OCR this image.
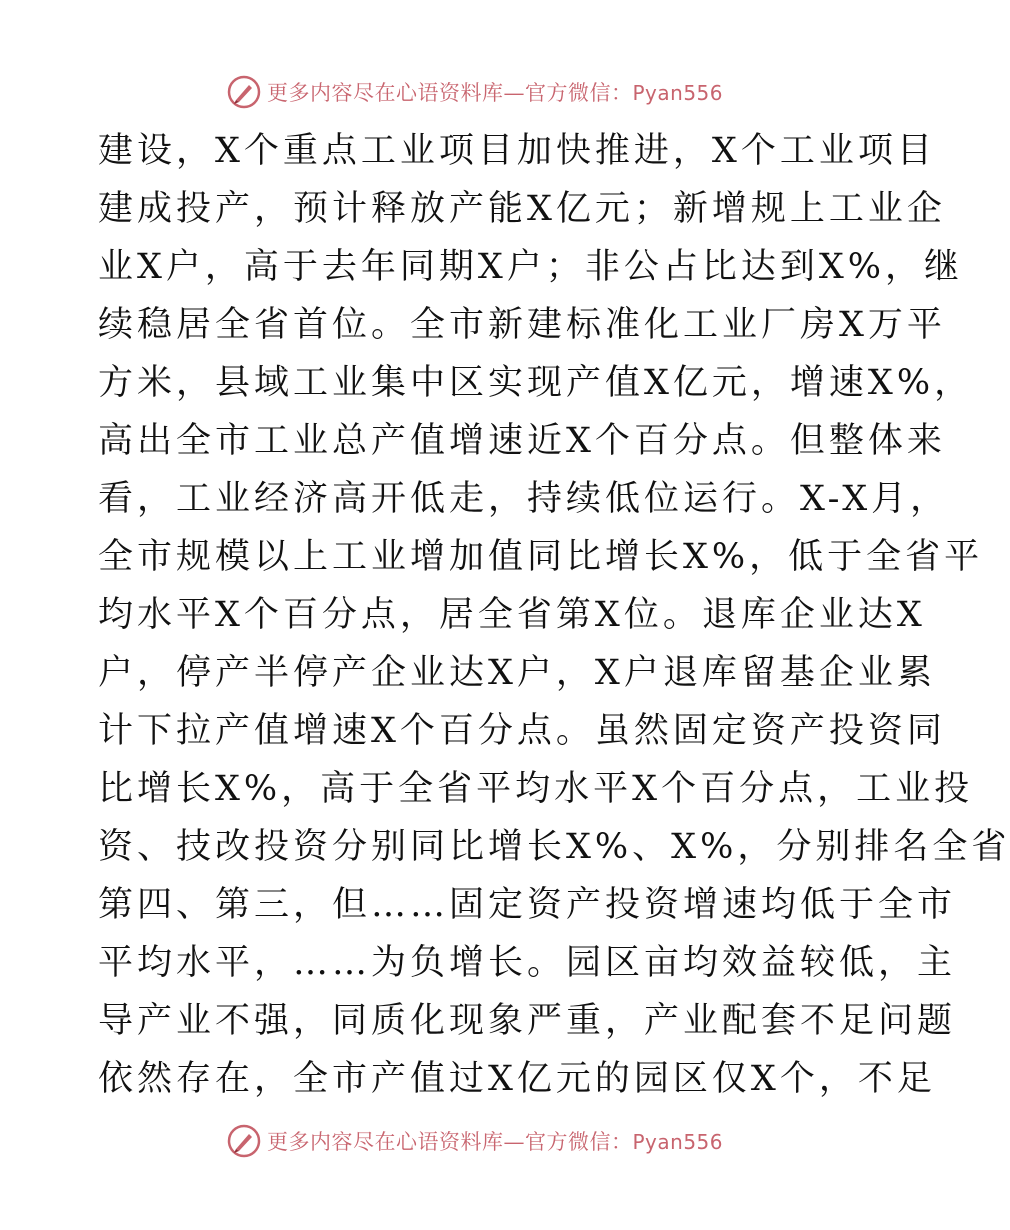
更多内容尽在心语资料库—官方微信：Pyan556
建设，X个重点工业项目加快推进，X个工业项目
建成投产，预计释放产能X亿元；新增规上工业企
业X户，高于去年同期X户；非公占比达到X%，继
续稳居全省首位。全市新建标准化工业厂房X万平
方米，县域工业集中区实现产值X亿元，增速X%，
高出全市工业总产值增速近X个百分点。但整体来
看，工业经济高开低走，持续低位运行。X-X月，
全市规模以上工业增加值同比增长X%，低于全省平
均水平X个百分点，居全省第X位。退库企业达X
户，停产半停产企业达X户，X户退库留基企业累
计下拉产值增速X个百分点。虽然固定资产投资同
比增长X%，高于全省平均水平X个百分点，工业投
资、技改投资分别同比增长X%、X%，分别排名全省
第四、第三，但……固定资产投资增速均低于全市
平均水平，……为负增长。园区亩均效益较低，主
导产业不强，同质化现象严重，产业配套不足问题
依然存在，全市产值过X亿元的园区仅X个，不足
更多内容尽在心语资料库—官方微信：Pyan556
